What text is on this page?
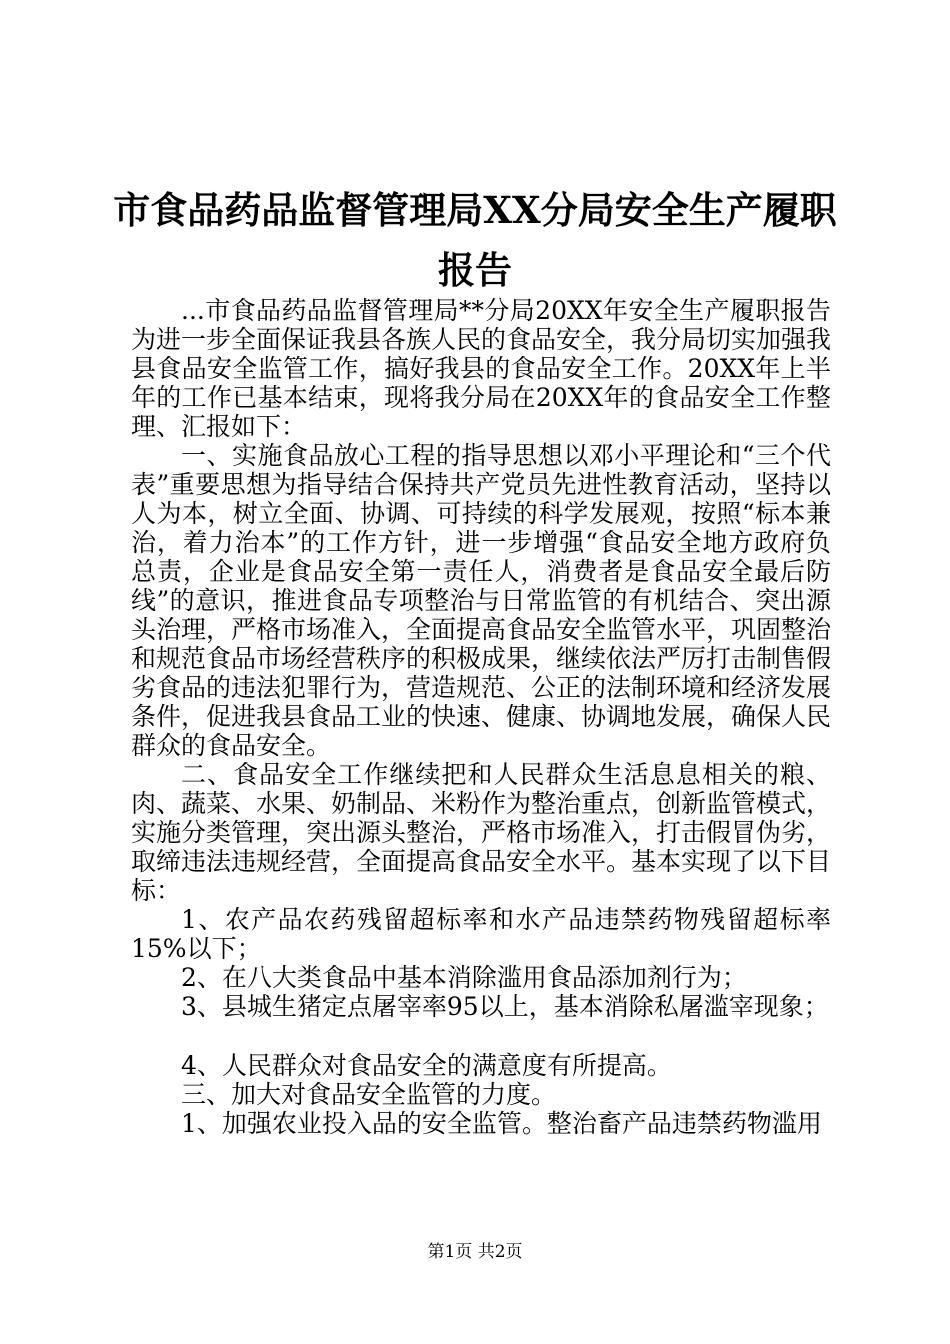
市食品药品监督管理局XX分局安全生产履职
报告

...市食品药品监督管理局**分局20XX年安全生产履职报告为进一步全面保证我县各族人民的食品安全，我分局切实加强我县食品安全监管工作，搞好我县的食品安全工作。20XX年上半年的工作已基本结束，现将我分局在20XX年的食品安全工作整理、汇报如下：

一、实施食品放心工程的指导思想以邓小平理论和“三个代表”重要思想为指导结合保持共产党员先进性教育活动，坚持以人为本，树立全面、协调、可持续的科学发展观，按照“标本兼治，着力治本”的工作方针，进一步增强“食品安全地方政府负总责，企业是食品安全第一责任人，消费者是食品安全最后防线”的意识，推进食品专项整治与日常监管的有机结合、突出源头治理，严格市场准入，全面提高食品安全监管水平，巩固整治和规范食品市场经营秩序的积极成果，继续依法严厉打击制售假劣食品的违法犯罪行为，营造规范、公正的法制环境和经济发展条件，促进我县食品工业的快速、健康、协调地发展，确保人民群众的食品安全。

二、食品安全工作继续把和人民群众生活息息相关的粮、肉、蔬菜、水果、奶制品、米粉作为整治重点，创新监管模式，实施分类管理，突出源头整治，严格市场准入，打击假冒伪劣，取缔违法违规经营，全面提高食品安全水平。基本实现了以下目标：

1、农产品农药残留超标率和水产品违禁药物残留超标率15%以下；

2、在八大类食品中基本消除滥用食品添加剂行为；

3、县城生猪定点屠宰率95以上，基本消除私屠滥宰现象；

4、人民群众对食品安全的满意度有所提高。

三、加大对食品安全监管的力度。

1、加强农业投入品的安全监管。整治畜产品违禁药物滥用

第1页 共2页
